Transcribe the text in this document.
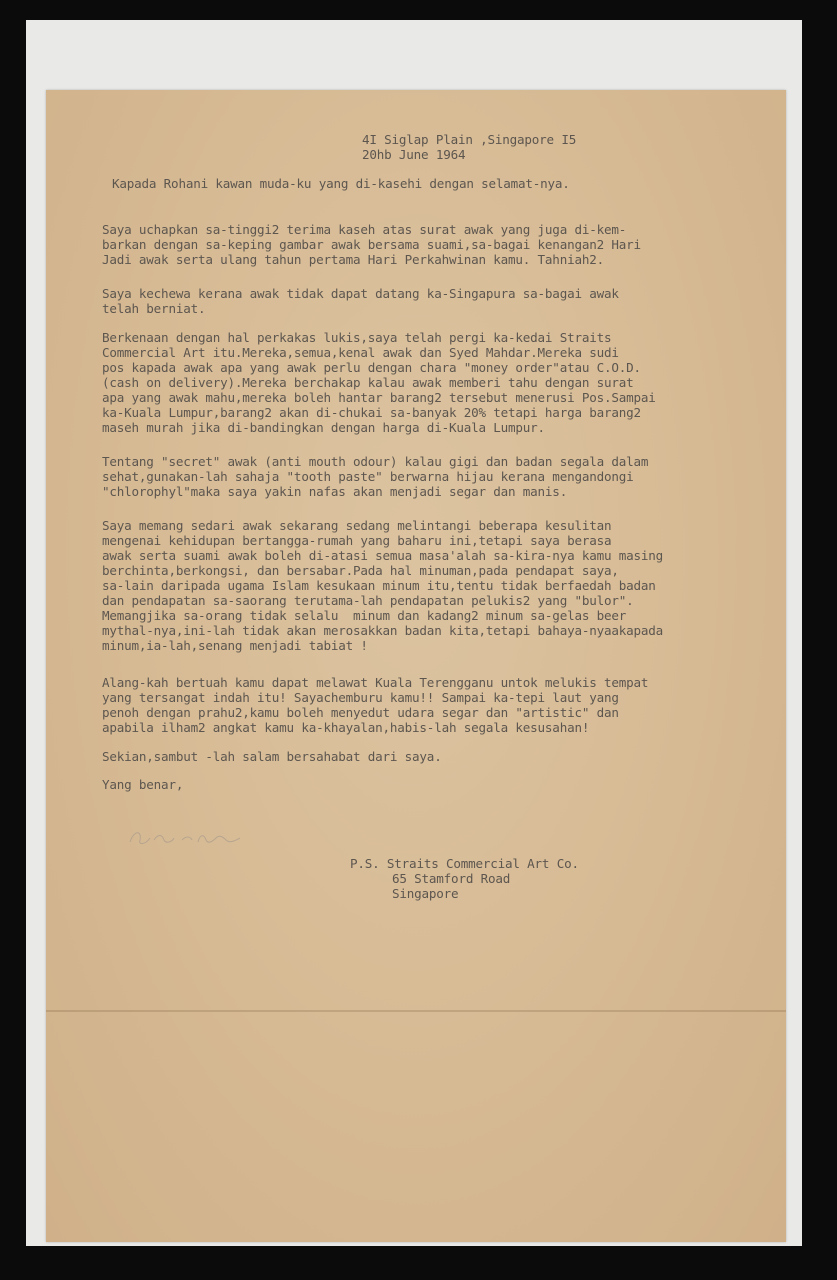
4I Siglap Plain ,Singapore I5
20hb June 1964
Kapada Rohani kawan muda-ku yang di-kasehi dengan selamat-nya.
Saya uchapkan sa-tinggi2 terima kaseh atas surat awak yang juga di-kem-
barkan dengan sa-keping gambar awak bersama suami,sa-bagai kenangan2 Hari
Jadi awak serta ulang tahun pertama Hari Perkahwinan kamu. Tahniah2.
Saya kechewa kerana awak tidak dapat datang ka-Singapura sa-bagai awak
telah berniat.
Berkenaan dengan hal perkakas lukis,saya telah pergi ka-kedai Straits
Commercial Art itu.Mereka,semua,kenal awak dan Syed Mahdar.Mereka sudi
pos kapada awak apa yang awak perlu dengan chara "money order"atau C.O.D.
(cash on delivery).Mereka berchakap kalau awak memberi tahu dengan surat
apa yang awak mahu,mereka boleh hantar barang2 tersebut menerusi Pos.Sampai
ka-Kuala Lumpur,barang2 akan di-chukai sa-banyak 20% tetapi harga barang2
maseh murah jika di-bandingkan dengan harga di-Kuala Lumpur.
Tentang "secret" awak (anti mouth odour) kalau gigi dan badan segala dalam
sehat,gunakan-lah sahaja "tooth paste" berwarna hijau kerana mengandongi
"chlorophyl"maka saya yakin nafas akan menjadi segar dan manis.
Saya memang sedari awak sekarang sedang melintangi beberapa kesulitan
mengenai kehidupan bertangga-rumah yang baharu ini,tetapi saya berasa
awak serta suami awak boleh di-atasi semua masa'alah sa-kira-nya kamu masing
berchinta,berkongsi, dan bersabar.Pada hal minuman,pada pendapat saya,
sa-lain daripada ugama Islam kesukaan minum itu,tentu tidak berfaedah badan
dan pendapatan sa-saorang terutama-lah pendapatan pelukis2 yang "bulor".
Memangjika sa-orang tidak selalu  minum dan kadang2 minum sa-gelas beer
mythal-nya,ini-lah tidak akan merosakkan badan kita,tetapi bahaya-nyaakapada
minum,ia-lah,senang menjadi tabiat !
Alang-kah bertuah kamu dapat melawat Kuala Terengganu untok melukis tempat
yang tersangat indah itu! Sayachemburu kamu!! Sampai ka-tepi laut yang
penoh dengan prahu2,kamu boleh menyedut udara segar dan "artistic" dan
apabila ilham2 angkat kamu ka-khayalan,habis-lah segala kesusahan!
Sekian,sambut -lah salam bersahabat dari saya.
Yang benar,
P.S. Straits Commercial Art Co.
65 Stamford Road
Singapore
